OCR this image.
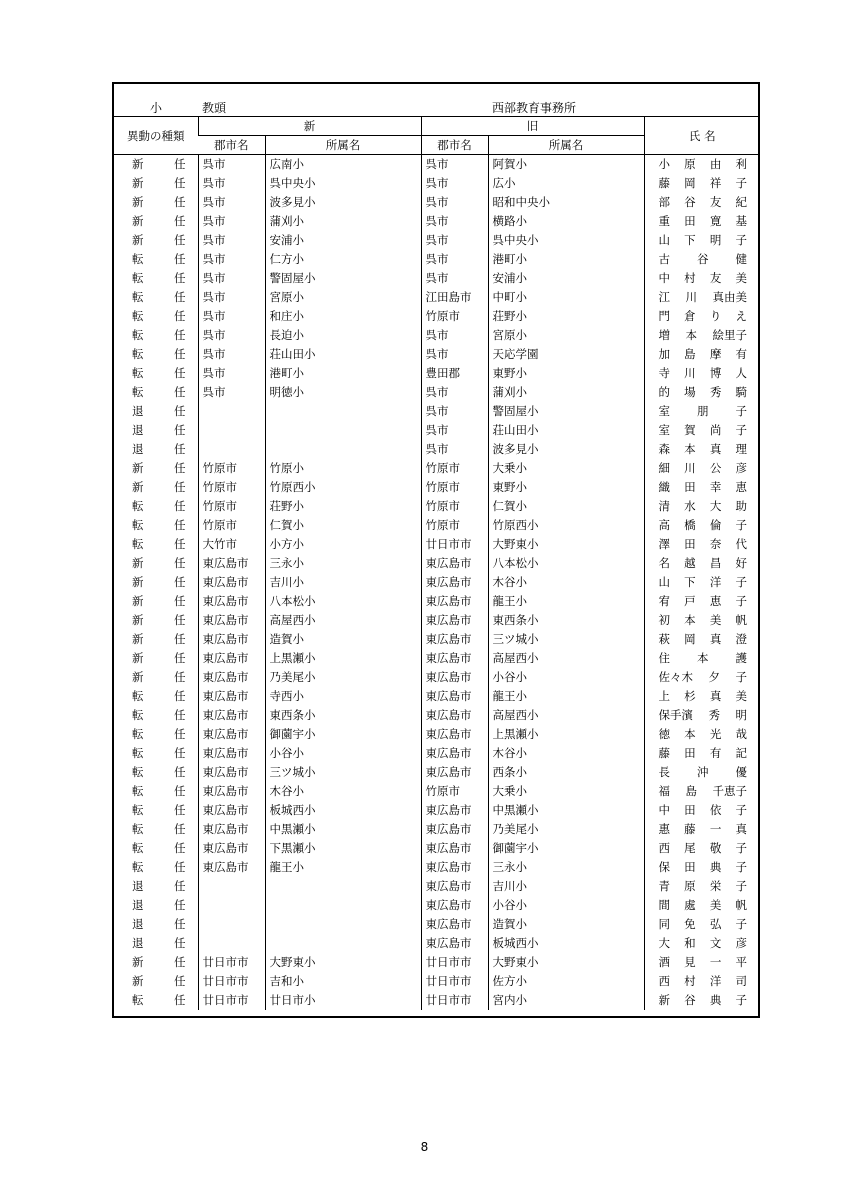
小	教頭	西部教育事務所
異動の種類	新		旧		氏 名
	郡市名	所属名	郡市名	所属名	

新 任	呉市	広南小	呉市	阿賀小	小 原 由 利

新 任	呉市	呉中央小	呉市	広小	藤 岡 祥 子

新 任	呉市	波多見小	呉市	昭和中央小	部 谷 友 紀

新 任	呉市	蒲刈小	呉市	横路小	重 田 寛 基

新 任	呉市	安浦小	呉市	呉中央小	山 下 明 子

転 任	呉市	仁方小	呉市	港町小	古 谷 健

転 任	呉市	警固屋小	呉市	安浦小	中 村 友 美

転 任	呉市	宮原小	江田島市	中町小	江 川 真由美

転 任	呉市	和庄小	竹原市	荘野小	門 倉 り え

転 任	呉市	長迫小	呉市	宮原小	増 本 絵里子

転 任	呉市	荘山田小	呉市	天応学園	加 島 摩 有

転 任	呉市	港町小	豊田郡	東野小	寺 川 博 人

転 任	呉市	明徳小	呉市	蒲刈小	的 場 秀 騎

退 任			呉市	警固屋小	室 朋 子

退 任			呉市	荘山田小	室 賀 尚 子

退 任			呉市	波多見小	森 本 真 理

新 任	竹原市	竹原小	竹原市	大乗小	細 川 公 彦

新 任	竹原市	竹原西小	竹原市	東野小	織 田 幸 恵

転 任	竹原市	荘野小	竹原市	仁賀小	清 水 大 助

転 任	竹原市	仁賀小	竹原市	竹原西小	高 橋 倫 子

転 任	大竹市	小方小	廿日市市	大野東小	澤 田 奈 代

新 任	東広島市	三永小	東広島市	八本松小	名 越 昌 好

新 任	東広島市	吉川小	東広島市	木谷小	山 下 洋 子

新 任	東広島市	八本松小	東広島市	龍王小	宥 戸 恵 子

新 任	東広島市	高屋西小	東広島市	東西条小	初 本 美 帆

新 任	東広島市	造賀小	東広島市	三ツ城小	萩 岡 真 澄

新 任	東広島市	上黒瀬小	東広島市	高屋西小	住 本 護

新 任	東広島市	乃美尾小	東広島市	小谷小	佐々木 夕 子

転 任	東広島市	寺西小	東広島市	龍王小	上 杉 真 美

転 任	東広島市	東西条小	東広島市	高屋西小	保手濱 秀 明

転 任	東広島市	御薗宇小	東広島市	上黒瀬小	徳 本 光 哉

転 任	東広島市	小谷小	東広島市	木谷小	藤 田 有 記

転 任	東広島市	三ツ城小	東広島市	西条小	長 沖 優

転 任	東広島市	木谷小	竹原市	大乗小	福 島 千恵子

転 任	東広島市	板城西小	東広島市	中黒瀬小	中 田 依 子

転 任	東広島市	中黒瀬小	東広島市	乃美尾小	惠 藤 一 真

転 任	東広島市	下黒瀬小	東広島市	御薗宇小	西 尾 敬 子

転 任	東広島市	龍王小	東広島市	三永小	保 田 典 子

退 任			東広島市	吉川小	青 原 栄 子

退 任			東広島市	小谷小	間 處 美 帆

退 任			東広島市	造賀小	同 免 弘 子

退 任			東広島市	板城西小	大 和 文 彦

新 任	廿日市市	大野東小	廿日市市	大野東小	酒 見 一 平

新 任	廿日市市	吉和小	廿日市市	佐方小	西 村 洋 司

転 任	廿日市市	廿日市小	廿日市市	宮内小	新 谷 典 子
8
